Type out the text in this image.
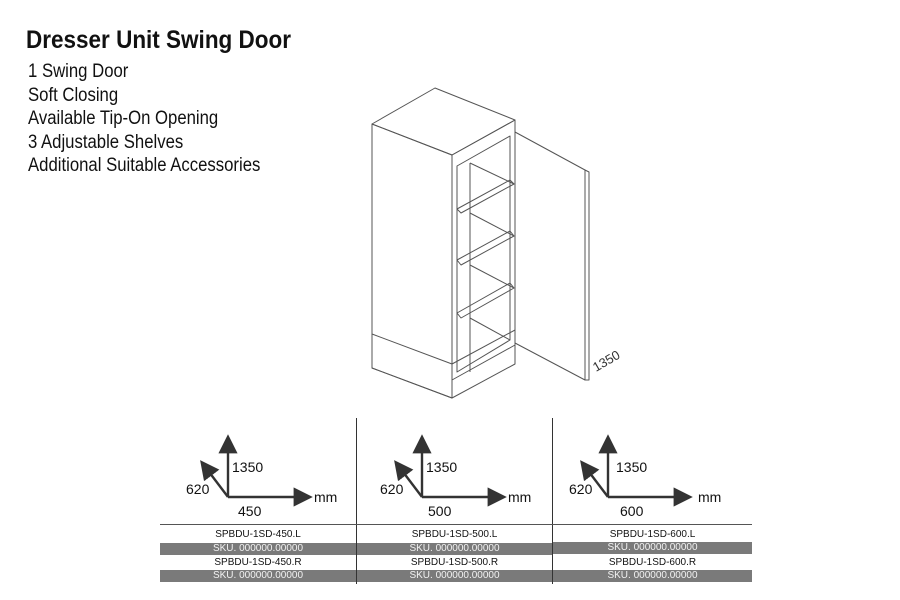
Dresser Unit Swing Door
1 Swing Door
Soft Closing
Available Tip-On Opening
3 Adjustable Shelves
Additional Suitable Accessories
1350
1350
620
450
mm
1350
620
500
mm
1350
620
600
mm
SPBDU-1SD-450.L
SKU. 000000.00000
SPBDU-1SD-450.R
SKU. 000000.00000
SPBDU-1SD-500.L
SKU. 000000.00000
SPBDU-1SD-500.R
SKU. 000000.00000
SPBDU-1SD-600.L
SKU. 000000.00000
SPBDU-1SD-600.R
SKU. 000000.00000
